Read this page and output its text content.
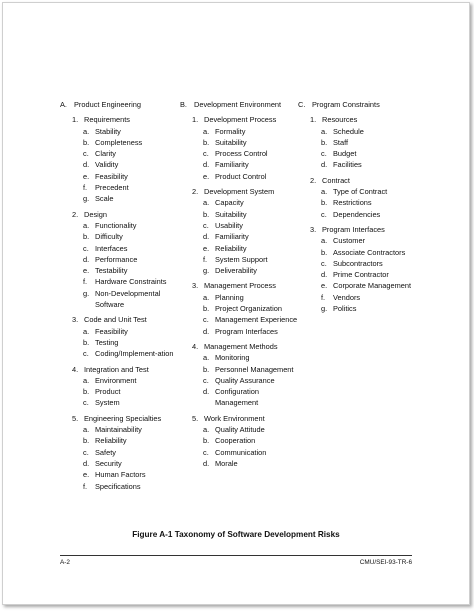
A. Product Engineering
1. Requirements
a. Stability
b. Completeness
c. Clarity
d. Validity
e. Feasibility
f.	Precedent
g. Scale
2. Design
a. Functionality
b. Difficulty
c. Interfaces
d. Performance
e. Testability
f.	Hardware Constraints
g. Non-Developmental Software
3. Code and Unit Test
a. Feasibility
b. Testing
c. Coding/Implement-ation
4. Integration and Test
a. Environment
b. Product
c. System
5. Engineering Specialties
a. Maintainability
b. Reliability
c. Safety
d. Security
e. Human Factors
f.	Specifications
B. Development Environment
1. Development Process
a. Formality
b. Suitability
c. Process Control
d. Familiarity
e. Product Control
2. Development System
a. Capacity
b. Suitability
c. Usability
d. Familiarity
e. Reliability
f.	System Support
g. Deliverability
3. Management Process
a. Planning
b. Project Organization
c. Management Experience
d. Program Interfaces
4. Management Methods
a. Monitoring
b. Personnel Management
c. Quality Assurance
d. Configuration Management
5. Work Environment
a. Quality Attitude
b. Cooperation
c. Communication
d. Morale
C. Program Constraints
1. Resources
a. Schedule
b. Staff
c. Budget
d. Facilities
2. Contract
a. Type of Contract
b. Restrictions
c. Dependencies
3. Program Interfaces
a. Customer
b. Associate Contractors
c. Subcontractors
d. Prime Contractor
e. Corporate Management
f.	Vendors
g. Politics
Figure A-1 Taxonomy of Software Development Risks
A-2	CMU/SEI-93-TR-6
